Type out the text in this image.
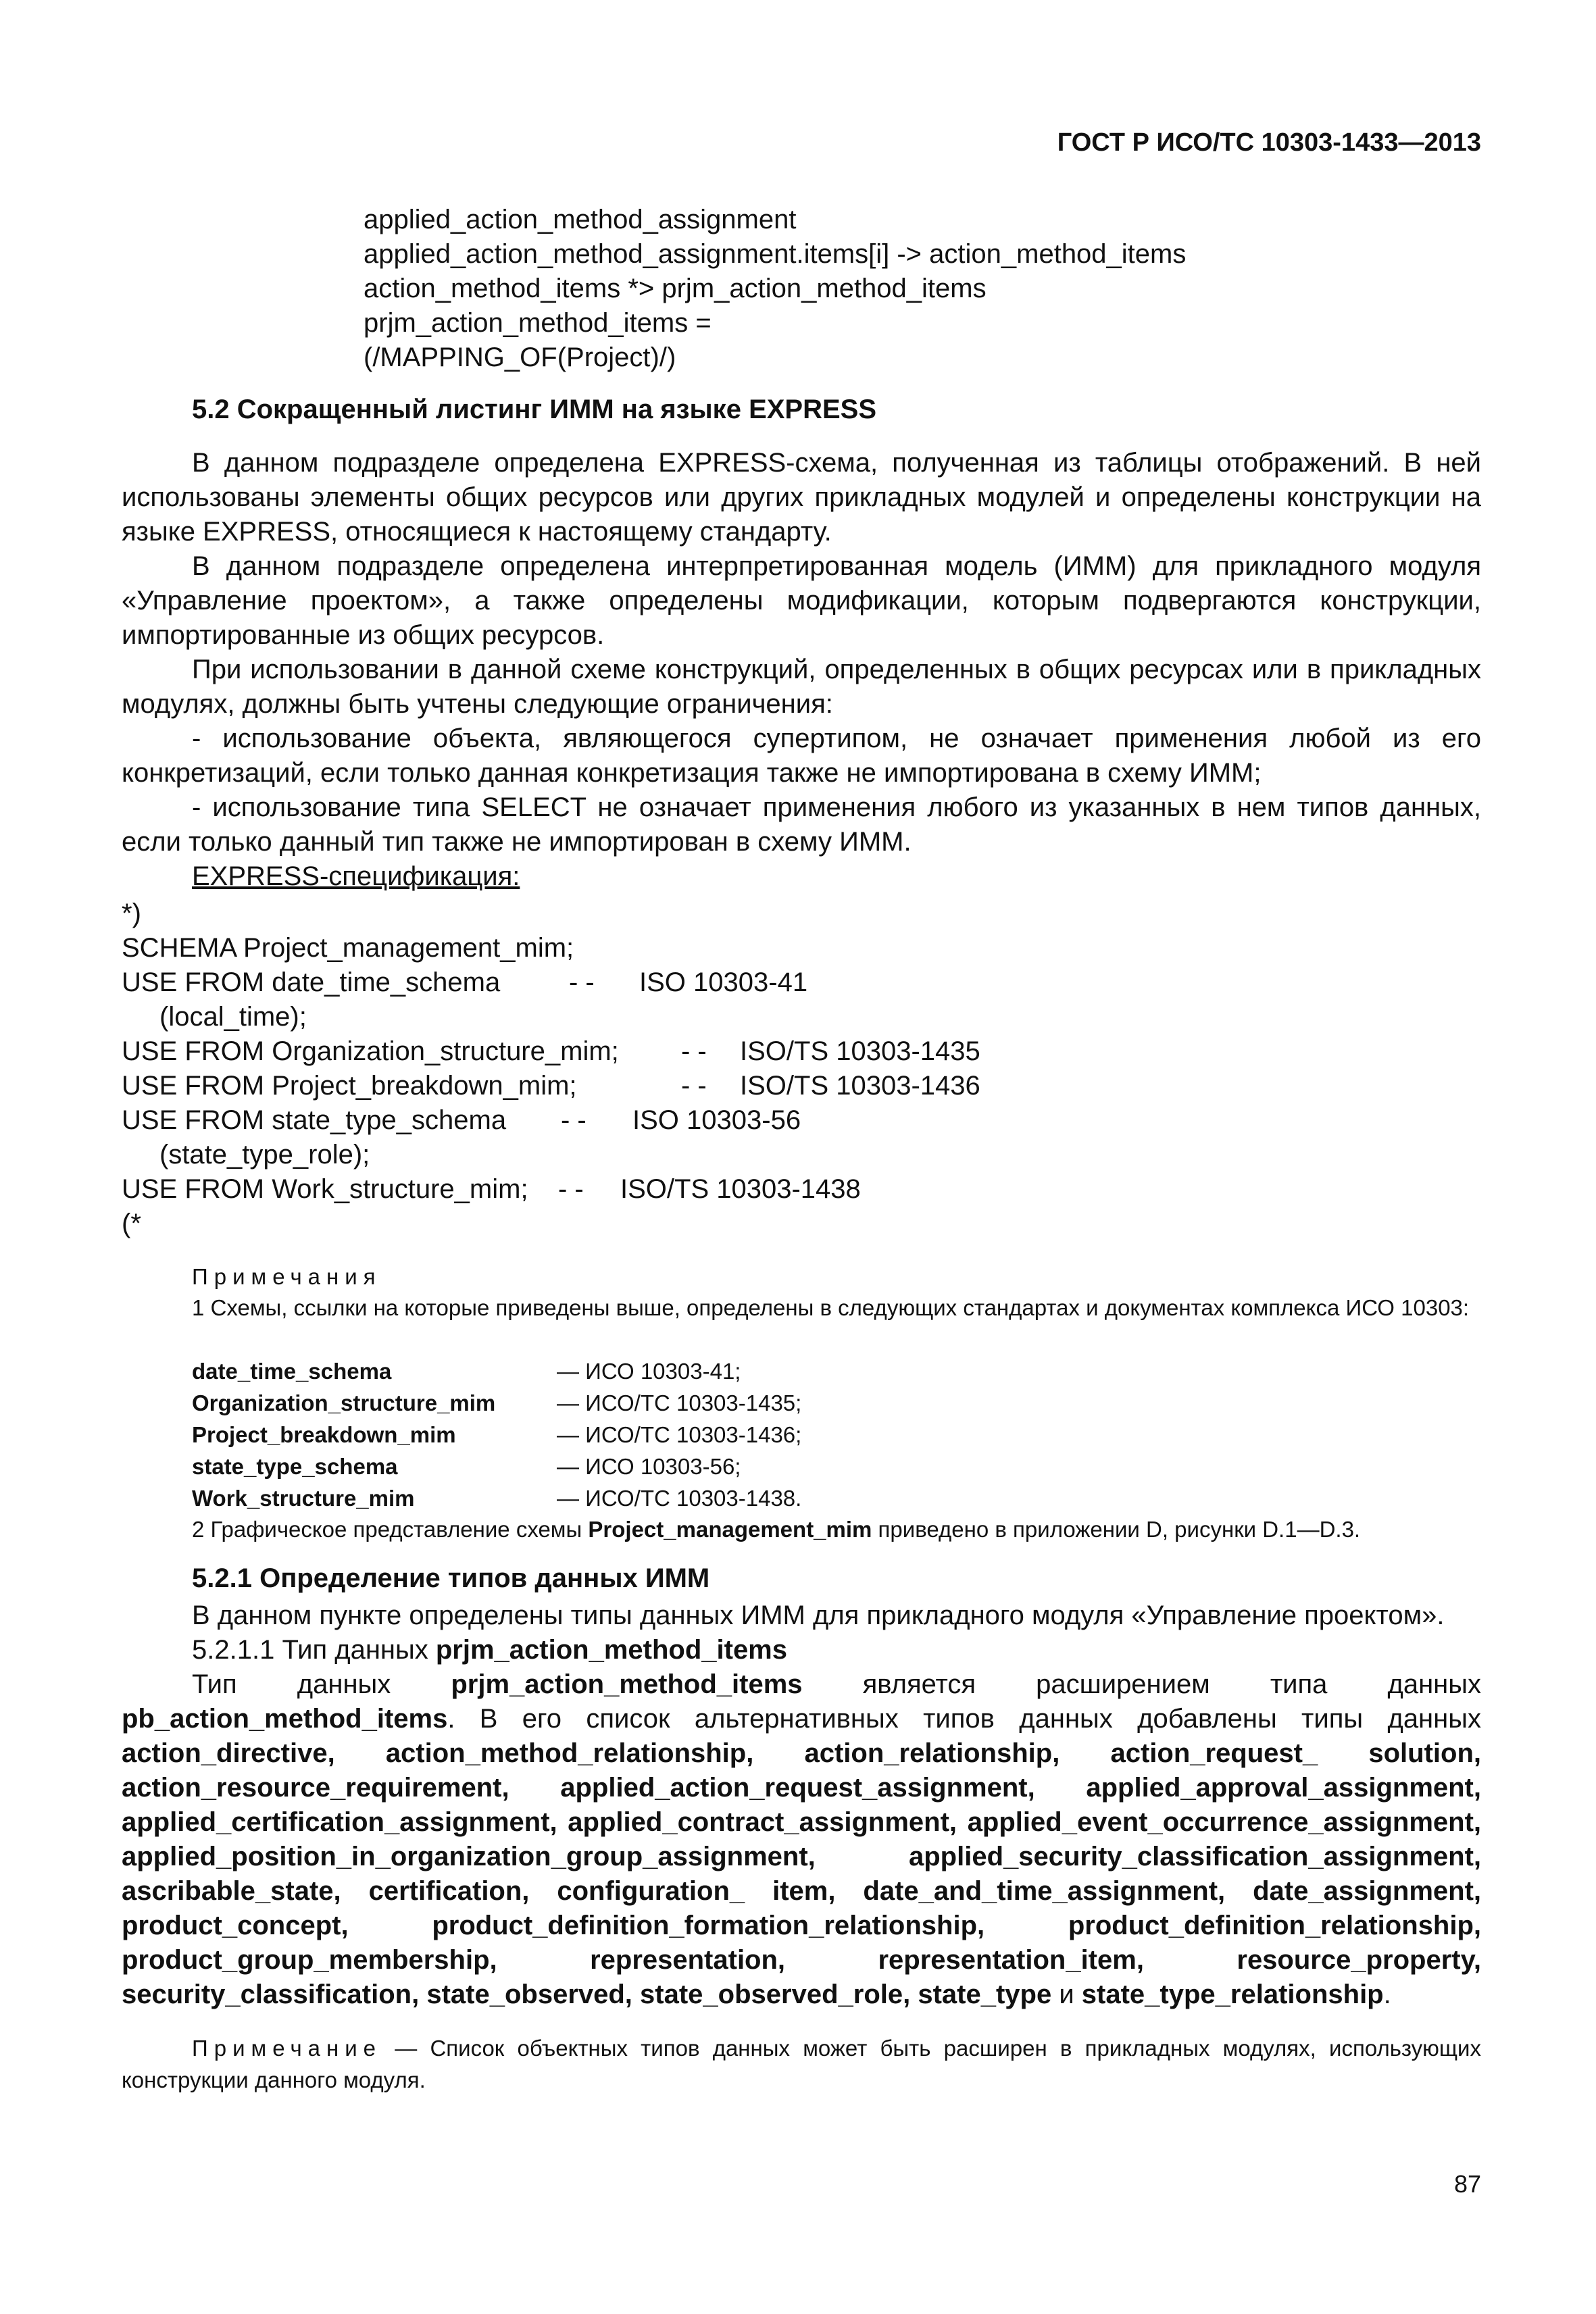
ГОСТ Р ИСО/ТС 10303-1433—2013
applied_action_method_assignment
applied_action_method_assignment.items[i] -> action_method_items
action_method_items *> prjm_action_method_items
prjm_action_method_items =
(/MAPPING_OF(Project)/)
5.2 Сокращенный листинг ИММ на языке EXPRESS

В данном подразделе определена EXPRESS-схема, полученная из таблицы отображений. В ней использованы элементы общих ресурсов или других прикладных модулей и определены конструкции на языке EXPRESS, относящиеся к настоящему стандарту.

В данном подразделе определена интерпретированная модель (ИММ) для прикладного модуля «Управление проектом», а также определены модификации, которым подвергаются конструкции, импортированные из общих ресурсов.

При использовании в данной схеме конструкций, определенных в общих ресурсах или в прикладных модулях, должны быть учтены следующие ограничения:

- использование объекта, являющегося супертипом, не означает применения любой из его конкретизаций, если только данная конкретизация также не импортирована в схему ИММ;

- использование типа SELECT не означает применения любого из указанных в нем типов данных, если только данный тип также не импортирован в схему ИММ.

EXPRESS-спецификация:

*)
SCHEMA Project_management_mim;
USE FROM date_time_schema	- - ISO 10303-41
(local_time);
USE FROM Organization_structure_mim; - - ISO/TS 10303-1435
USE FROM Project_breakdown_mim;	- - ISO/TS 10303-1436
USE FROM state_type_schema - - ISO 10303-56
(state_type_role);
USE FROM Work_structure_mim; - - ISO/TS 10303-1438
(*
Примечания
1 Схемы, ссылки на которые приведены выше, определены в следующих стандартах и документах комплекса ИСО 10303:
date_time_schema	— ИСО 10303-41;
Organization_structure_mim	— ИСО/ТС 10303-1435;
Project_breakdown_mim	— ИСО/ТС 10303-1436;
state_type_schema	— ИСО 10303-56;
Work_structure_mim	— ИСО/ТС 10303-1438.
2 Графическое представление схемы Project_management_mim приведено в приложении D, рисунки D.1—D.3.
5.2.1 Определение типов данных ИММ

В данном пункте определены типы данных ИММ для прикладного модуля «Управление проектом».

5.2.1.1 Тип данных prjm_action_method_items

Тип данных prjm_action_method_items является расширением типа данных pb_action_method_items. В его список альтернативных типов данных добавлены типы данных action_directive, action_method_relationship, action_relationship, action_request_ solution, action_resource_requirement, applied_action_request_assignment, applied_approval_assignment, applied_certification_assignment, applied_contract_assignment, applied_event_occurrence_assignment, applied_position_in_organization_group_assignment, applied_security_classification_assignment, ascribable_state, certification, configuration_ item, date_and_time_assignment, date_assignment, product_concept, product_definition_formation_relationship, product_definition_relationship, product_group_membership, representation, representation_item, resource_property, security_classification, state_observed, state_observed_role, state_type и state_type_relationship.

Примечание — Список объектных типов данных может быть расширен в прикладных модулях, использующих конструкции данного модуля.
87
